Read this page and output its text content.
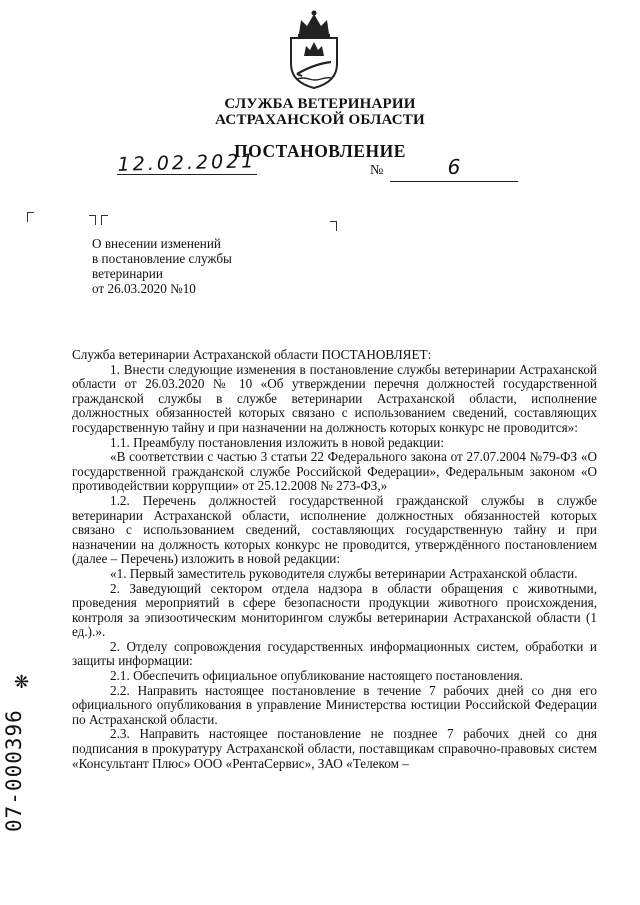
СЛУЖБА ВЕТЕРИНАРИИ
АСТРАХАНСКОЙ ОБЛАСТИ
ПОСТАНОВЛЕНИЕ
12.02.2021	№	6
О внесении изменений
в постановление службы
ветеринарии
от 26.03.2020 №10
Служба ветеринарии Астраханской области ПОСТАНОВЛЯЕТ:
1. Внести следующие изменения в постановление службы ветеринарии Астраханской области от 26.03.2020 № 10 «Об утверждении перечня должностей государственной гражданской службы в службе ветеринарии Астраханской области, исполнение должностных обязанностей которых связано с использованием сведений, составляющих государственную тайну и при назначении на должность которых конкурс не проводится»:
1.1. Преамбулу постановления изложить в новой редакции:
«В соответствии с частью 3 статьи 22 Федерального закона от 27.07.2004 №79-ФЗ «О государственной гражданской службе Российской Федерации», Федеральным законом «О противодействии коррупции» от 25.12.2008 № 273-ФЗ,»
1.2. Перечень должностей государственной гражданской службы в службе ветеринарии Астраханской области, исполнение должностных обязанностей которых связано с использованием сведений, составляющих государственную тайну и при назначении на должность которых конкурс не проводится, утверждённого постановлением (далее – Перечень) изложить в новой редакции:
«1. Первый заместитель руководителя службы ветеринарии Астраханской области.
2. Заведующий сектором отдела надзора в области обращения с животными, проведения мероприятий в сфере безопасности продукции животного происхождения, контроля за эпизоотическим мониторингом службы ветеринарии Астраханской области (1 ед.).».
2. Отделу сопровождения государственных информационных систем, обработки и защиты информации:
2.1. Обеспечить официальное опубликование настоящего постановления.
2.2. Направить настоящее постановление в течение 7 рабочих дней со дня его официального опубликования в управление Министерства юстиции Российской Федерации по Астраханской области.
2.3. Направить настоящее постановление не позднее 7 рабочих дней со дня подписания в прокуратуру Астраханской области, поставщикам справочно-правовых систем «Консультант Плюс» ООО «РентаСервис», ЗАО «Телеком –
❋
07-000396
